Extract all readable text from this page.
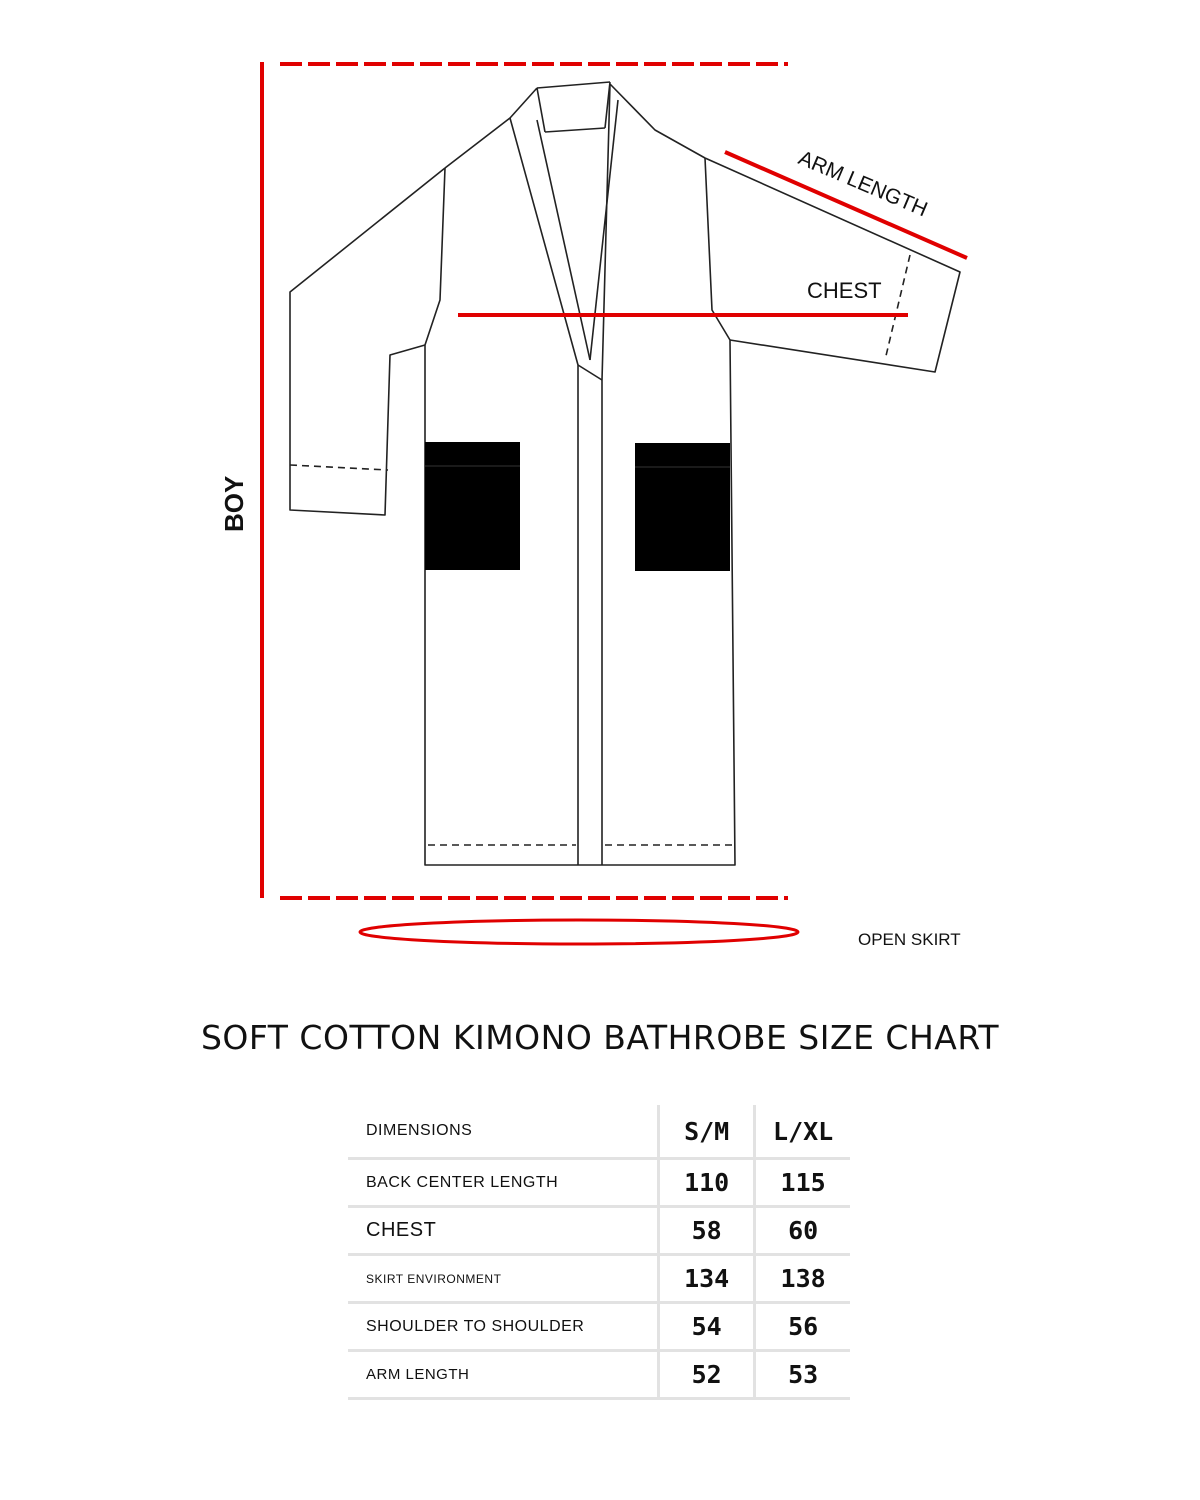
BOY
ARM LENGTH
CHEST
OPEN SKIRT
SOFT COTTON KIMONO BATHROBE SIZE CHART
DIMENSIONS	S/M	L/XL
BACK CENTER LENGTH	110	115
CHEST	58	60
SKIRT ENVIRONMENT	134	138
SHOULDER TO SHOULDER	54	56
ARM LENGTH	52	53
